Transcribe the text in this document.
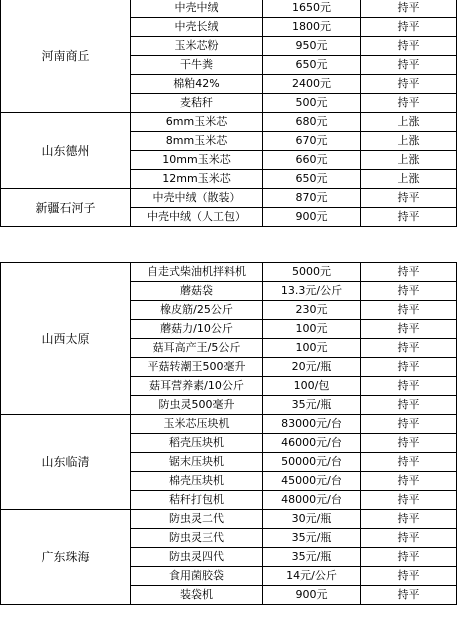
河南商丘	中壳中绒	1650元	持平
	中壳长绒	1800元	持平
	玉米芯粉	950元	持平
	干牛粪	650元	持平
	棉粕42%	2400元	持平
	麦秸秆	500元	持平
山东德州	6mm玉米芯	680元	上涨
	8mm玉米芯	670元	上涨
	10mm玉米芯	660元	上涨
	12mm玉米芯	650元	上涨
新疆石河子	中壳中绒（散装）	870元	持平
	中壳中绒（人工包）	900元	持平
山西太原	自走式柴油机拌料机	5000元	持平
	蘑菇袋	13.3元/公斤	持平
	橡皮筋/25公斤	230元	持平
	蘑菇力/10公斤	100元	持平
	菇耳高产王/5公斤	100元	持平
	平菇转潮王500毫升	20元/瓶	持平
	菇耳营养素/10公斤	100/包	持平
	防虫灵500毫升	35元/瓶	持平
山东临清	玉米芯压块机	83000元/台	持平
	稻壳压块机	46000元/台	持平
	锯末压块机	50000元/台	持平
	棉壳压块机	45000元/台	持平
	秸秆打包机	48000元/台	持平
广东珠海	防虫灵二代	30元/瓶	持平
	防虫灵三代	35元/瓶	持平
	防虫灵四代	35元/瓶	持平
	食用菌胶袋	14元/公斤	持平
	装袋机	900元	持平
